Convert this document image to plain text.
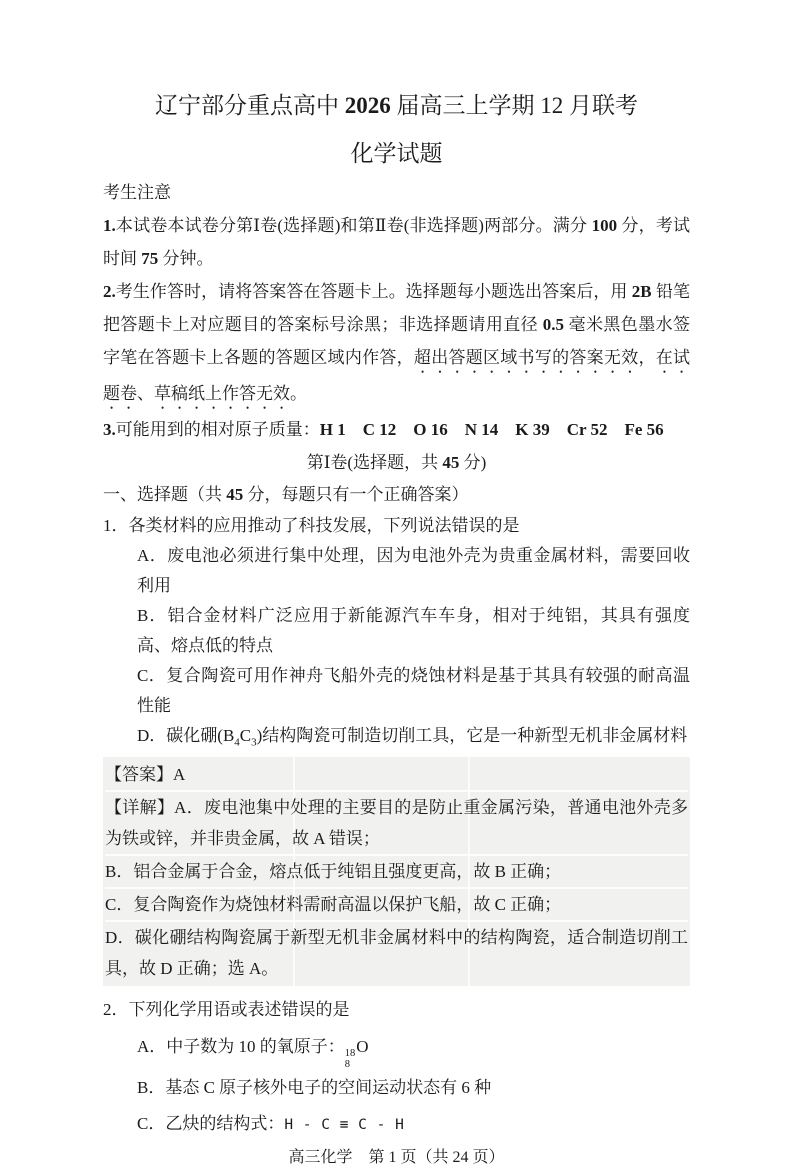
辽宁部分重点高中 2026 届高三上学期 12 月联考
化学试题

考生注意

1.本试卷本试卷分第Ⅰ卷(选择题)和第Ⅱ卷(非选择题)两部分。满分 100 分，考试时间 75 分钟。

2.考生作答时，请将答案答在答题卡上。选择题每小题选出答案后，用 2B 铅笔把答题卡上对应题目的答案标号涂黑；非选择题请用直径 0.5 毫米黑色墨水签字笔在答题卡上各题的答题区域内作答，超出答题区域书写的答案无效，在试题卷、草稿纸上作答无效。

3.可能用到的相对原子质量：H 1　C 12　O 16　N 14　K 39　Cr 52　Fe 56

第Ⅰ卷(选择题，共 45 分)

一、选择题（共 45 分，每题只有一个正确答案）

1．各类材料的应用推动了科技发展，下列说法错误的是

A．废电池必须进行集中处理，因为电池外壳为贵重金属材料，需要回收利用

B．铝合金材料广泛应用于新能源汽车车身，相对于纯铝，其具有强度高、熔点低的特点

C．复合陶瓷可用作神舟飞船外壳的烧蚀材料是基于其具有较强的耐高温性能

D．碳化硼$(B_4C_3)$结构陶瓷可制造切削工具，它是一种新型无机非金属材料

【答案】A

【详解】A．废电池集中处理的主要目的是防止重金属污染，普通电池外壳多为铁或锌，并非贵金属，故 A 错误；

B．铝合金属于合金，熔点低于纯铝且强度更高，故 B 正确；

C．复合陶瓷作为烧蚀材料需耐高温以保护飞船，故 C 正确；

D．碳化硼结构陶瓷属于新型无机非金属材料中的结构陶瓷，适合制造切削工具，故 D 正确；选 A。

2．下列化学用语或表述错误的是

A．中子数为 10 的氧原子： 18
8
O

B．基态 C 原子核外电子的空间运动状态有 6 种

C．乙炔的结构式：H - C ≡ C - H

高三化学　第 1 页（共 24 页）
